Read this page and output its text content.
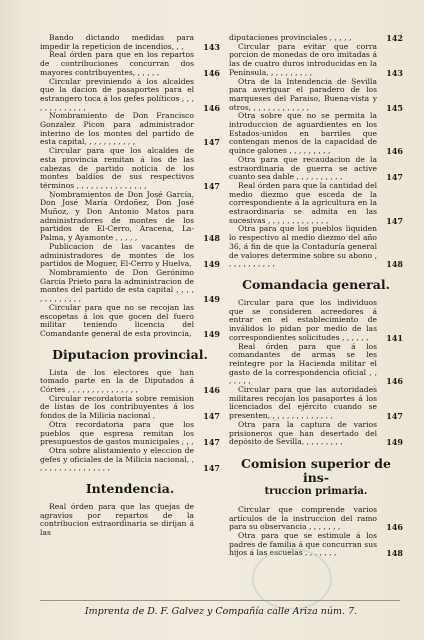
Bando dictando medidas para impedir la repeticion de incendios, , ,	143
Real órden para que en los repartos de contribuciones concurran dos mayores contribuyentes, , , , , ,	146
Circular previniendo á los alcaldes que la dacion de pasaportes para el estrangero toca á los gefes políticos , , , , , , , , , , , , ,	146
Nombramiento de Don Francisco Gonzalez Picon para administrador interino de los montes del partido de esta capital, , , , , , , , , , ,	147
Circular para que los alcaldes de esta provincia remitan á los de las cabezas de partido noticia de los montes baldíos de sus respectivos términos , , , , , , , , , , , , , , ,	147
Nombramientos de Don José García, Don José María Ordoñez, Don José Muñoz, y Don Antonio Matos para administradores de montes de los partidos de El-Cerro, Aracena, La-Palma, y Ayamonte , , , , ,	148
Publicacion de las vacantes de administradores de montes de los partidos de Moguer, El-Cerro y Huelva, 149
Nombramiento de Don Gerónimo García Prieto para la administracion de montes del partido de esta capital , , , , , , , , , , , , ,	149
Circular para que no se recojan las escopetas á los que gocen del fuero militar teniendo licencia del Comandante general de esta provincia,	149
Diputacion provincial.
Lista de los electores que han tomado parte en la de Diputados á Córtes , , , , , , , , , , , , , , ,	146
Circular recordatoria sobre remision de listas de los contribuyentes á los fondos de la Milicia nacional ,	147
Otra recordatoria para que los pueblos que espresa remitan los presupuestos de gastos municipales , , , 147
Otra sobre alistamiento y eleccion de gefes y oficiales de la Milicia nacional, , , , , , , , , , , , , , , , ,	147
Intendencia.
Real órden para que las quejas de agravios por repartos de la contribucion estraordinaria se dirijan á las
diputaciones provinciales , , , , ,	142
Circular para evitar que corra porcion de monedas de oro imitadas á las de cuatro duros introducidas en la Península, , , , , , , , , ,	143
Otra de la Intendencia de Sevilla para averiguar el paradero de los marqueses del Paraiso, Buena-vista y otros, , , , , , , , , , , , ,	145
Otra sobre que no se permita la introduccion de aguardientes en los Estados-unidos en barriles que contengan menos de la capacidad de quince galones , , , , , , , , ,	146
Otra para que recaudacion de la estraordinaria de guerra se active cuanto sea dable , , , , , , , , , ,	147
Real órden para que la cantidad del medio diezmo que esceda de la correspondiente á la agricultura en la estraordinaria se admita en las sucesivas , , , , , , , , , , , , ,	147
Otra para que los pueblos liquiden lo respectivo al medio diezmo del año 36, á fin de que la Contaduría general de valores determine sobre su abono , , , , , , , , , , ,	148
Comandacia general.
Circular para que los individuos que se consideren acreedores á entrar en el establecimiento de inválidos lo pidan por medio de las correspondientes solicitudes , , , , , ,	141
Real órden para que á los comandantes de armas se les reintegre por la Hacienda militar el gasto de la correspondencia oficial , , , , , , ,	146
Circular para que las autoridades militares recojan los pasaportes á los licenciados del ejército cuando se presenten, , , , , , , , , , , , , ,	147
Otra para la captura de varios prisioneros que han desertado del depósito de Sevilla, , , , , , , , ,	149
Comision superior de ins-
truccion primaria.
Circular que comprende varios artículos de la instruccion del ramo para su observancia , , , , , , ,	146
Otra para que se estimule á los padres de familia á que concurran sus hijos á las escuelas , , , , , , ,	148
Imprenta de D. F. Galvez y Compañía calle Ariza núm. 7.
